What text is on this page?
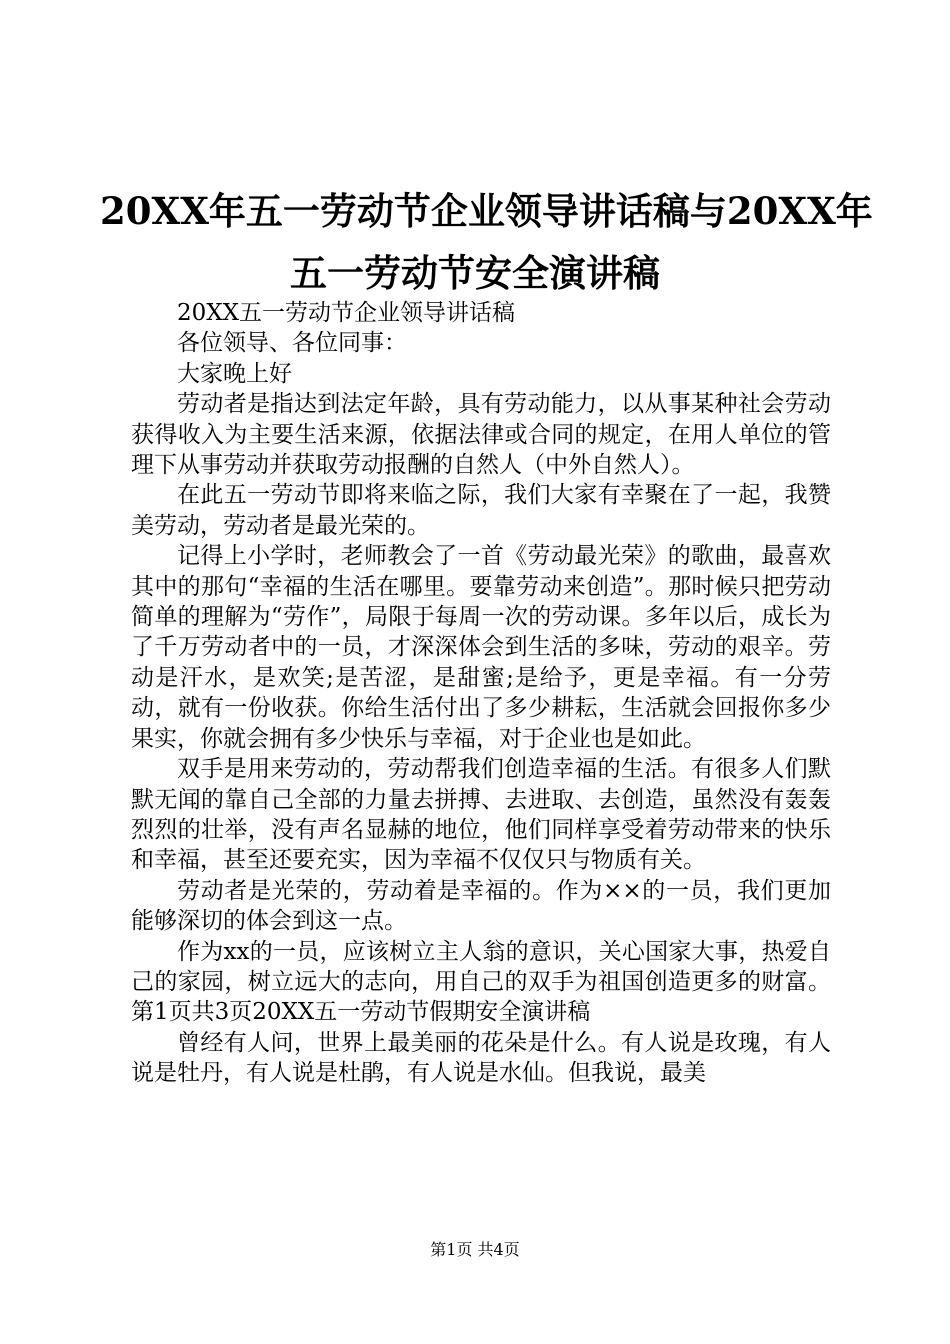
20XX年五一劳动节企业领导讲话稿与20XX年
五一劳动节安全演讲稿

20XX五一劳动节企业领导讲话稿

各位领导、各位同事：

大家晚上好

劳动者是指达到法定年龄，具有劳动能力，以从事某种社会劳动获得收入为主要生活来源，依据法律或合同的规定，在用人单位的管理下从事劳动并获取劳动报酬的自然人（中外自然人）。

在此五一劳动节即将来临之际，我们大家有幸聚在了一起，我赞美劳动，劳动者是最光荣的。

记得上小学时，老师教会了一首《劳动最光荣》的歌曲，最喜欢其中的那句“幸福的生活在哪里。要靠劳动来创造”。那时候只把劳动简单的理解为“劳作”，局限于每周一次的劳动课。多年以后，成长为了千万劳动者中的一员，才深深体会到生活的多味，劳动的艰辛。劳动是汗水，是欢笑;是苦涩，是甜蜜;是给予，更是幸福。有一分劳动，就有一份收获。你给生活付出了多少耕耘，生活就会回报你多少果实，你就会拥有多少快乐与幸福，对于企业也是如此。

双手是用来劳动的，劳动帮我们创造幸福的生活。有很多人们默默无闻的靠自己全部的力量去拼搏、去进取、去创造，虽然没有轰轰烈烈的壮举，没有声名显赫的地位，他们同样享受着劳动带来的快乐和幸福，甚至还要充实，因为幸福不仅仅只与物质有关。

劳动者是光荣的，劳动着是幸福的。作为××的一员，我们更加能够深切的体会到这一点。

作为xx的一员，应该树立主人翁的意识，关心国家大事，热爱自己的家园，树立远大的志向，用自己的双手为祖国创造更多的财富。第1页共3页20XX五一劳动节假期安全演讲稿

曾经有人问，世界上最美丽的花朵是什么。有人说是玫瑰，有人说是牡丹，有人说是杜鹃，有人说是水仙。但我说，最美

第1页 共4页
